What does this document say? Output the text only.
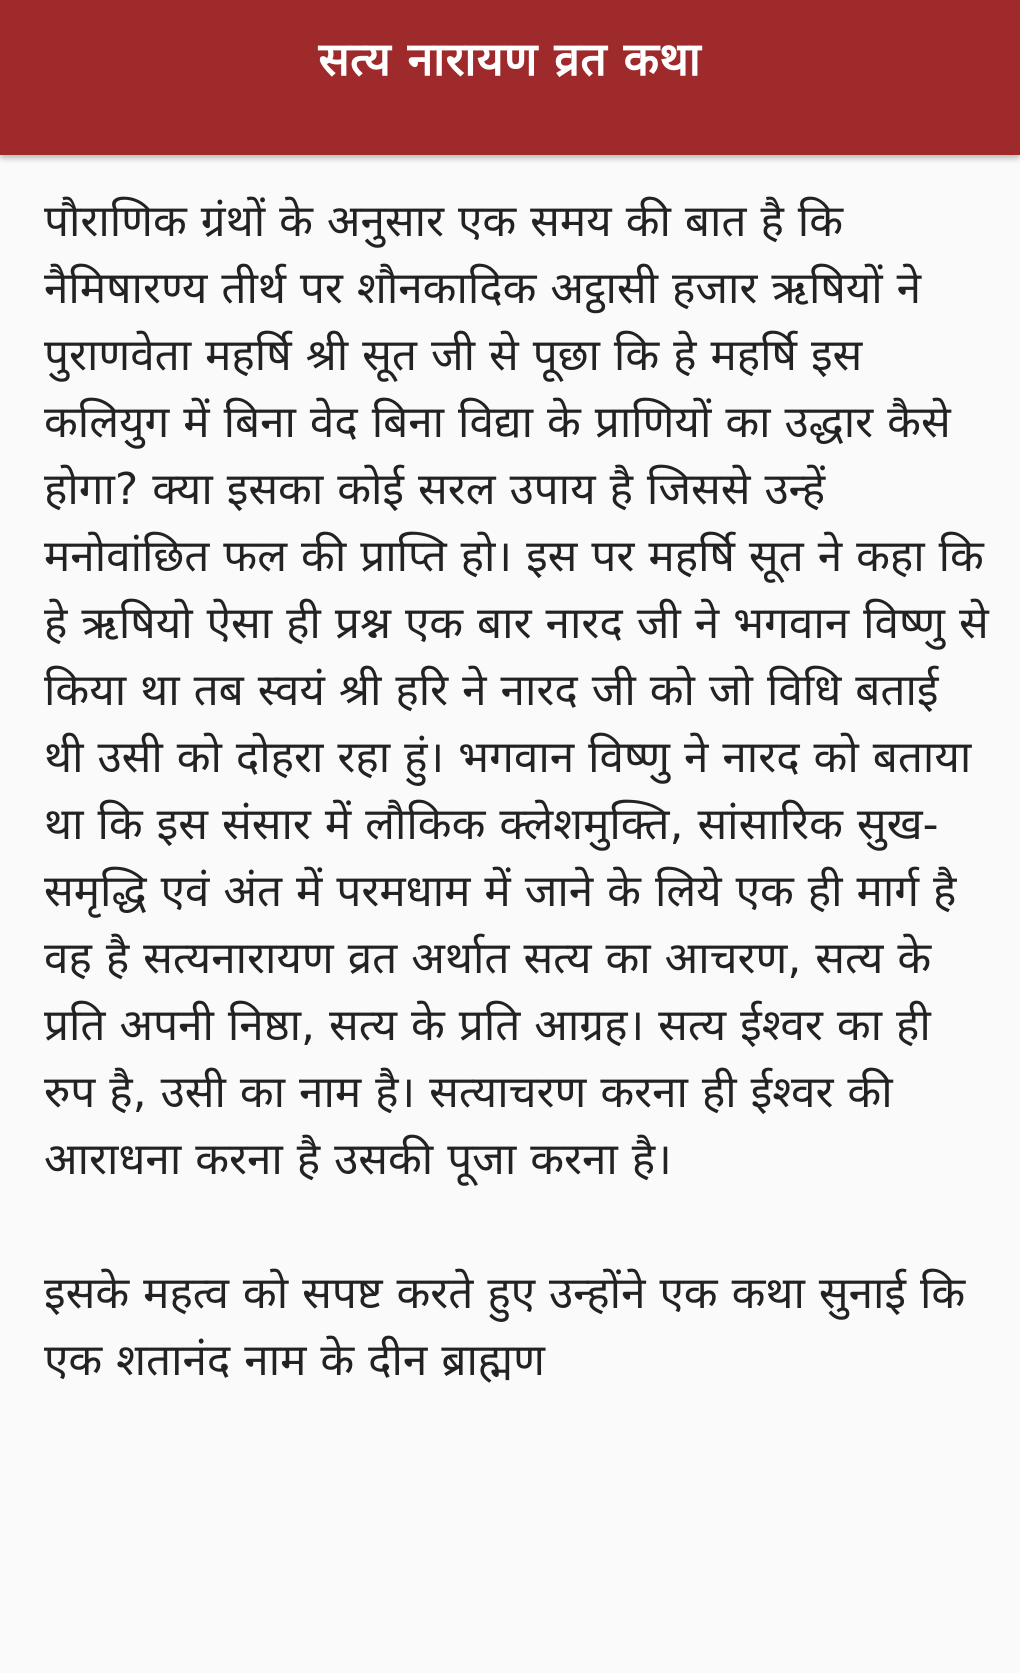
सत्य नारायण व्रत कथा

पौराणिक ग्रंथों के अनुसार एक समय की बात है कि नैमिषारण्य तीर्थ पर शौनकादिक अट्ठासी हजार ऋषियों ने पुराणवेता महर्षि श्री सूत जी से पूछा कि हे महर्षि इस कलियुग में बिना वेद बिना विद्या के प्राणियों का उद्धार कैसे होगा? क्या इसका कोई सरल उपाय है जिससे उन्हें मनोवांछित फल की प्राप्ति हो। इस पर महर्षि सूत ने कहा कि हे ऋषियो ऐसा ही प्रश्न एक बार नारद जी ने भगवान विष्णु से किया था तब स्वयं श्री हरि ने नारद जी को जो विधि बताई थी उसी को दोहरा रहा हुं। भगवान विष्णु ने नारद को बताया था कि इस संसार में लौकिक क्लेशमुक्ति, सांसारिक सुख-समृद्धि एवं अंत में परमधाम में जाने के लिये एक ही मार्ग है वह है सत्यनारायण व्रत अर्थात सत्य का आचरण, सत्य के प्रति अपनी निष्ठा, सत्य के प्रति आग्रह। सत्य ईश्वर का ही रुप है, उसी का नाम है। सत्याचरण करना ही ईश्वर की आराधना करना है उसकी पूजा करना है।

इसके महत्व को सपष्ट करते हुए उन्होंने एक कथा सुनाई कि एक शतानंद नाम के दीन ब्राह्मण
